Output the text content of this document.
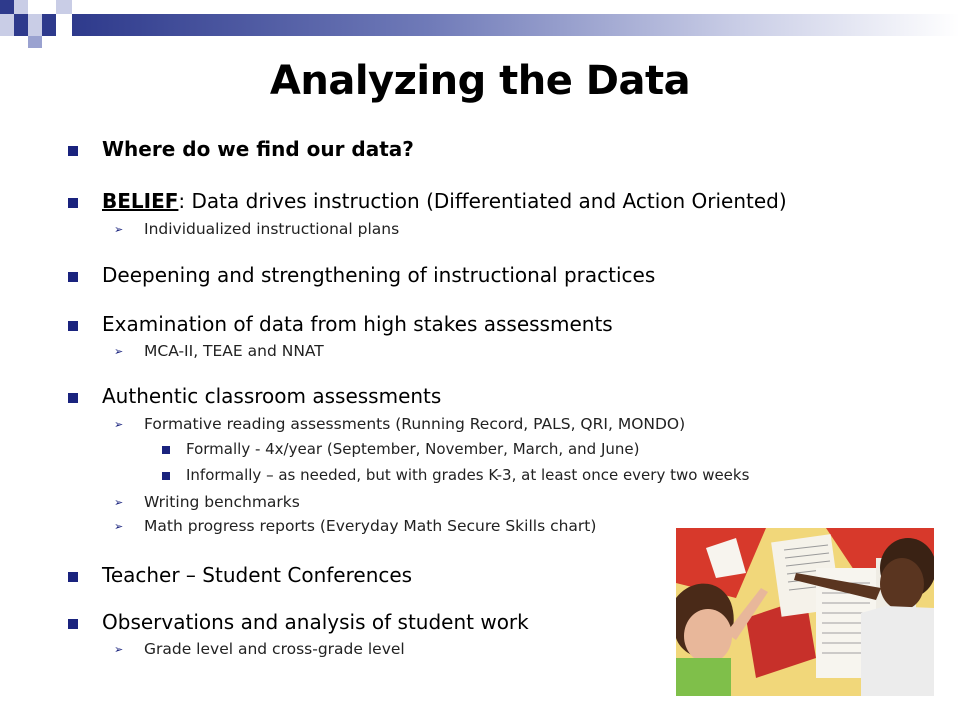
Analyzing the Data
Where do we find our data?
BELIEF: Data drives instruction (Differentiated and Action Oriented)
➢ Individualized instructional plans
Deepening and strengthening of instructional practices
Examination of data from high stakes assessments
➢ MCA-II, TEAE and NNAT
Authentic classroom assessments
➢ Formative reading assessments (Running Record, PALS, QRI, MONDO)
Formally - 4x/year (September, November, March, and June)
Informally – as needed, but with grades K-3, at least once every two weeks
➢ Writing benchmarks
➢ Math progress reports (Everyday Math Secure Skills chart)
Teacher – Student Conferences
Observations and analysis of student work
➢ Grade level and cross-grade level
